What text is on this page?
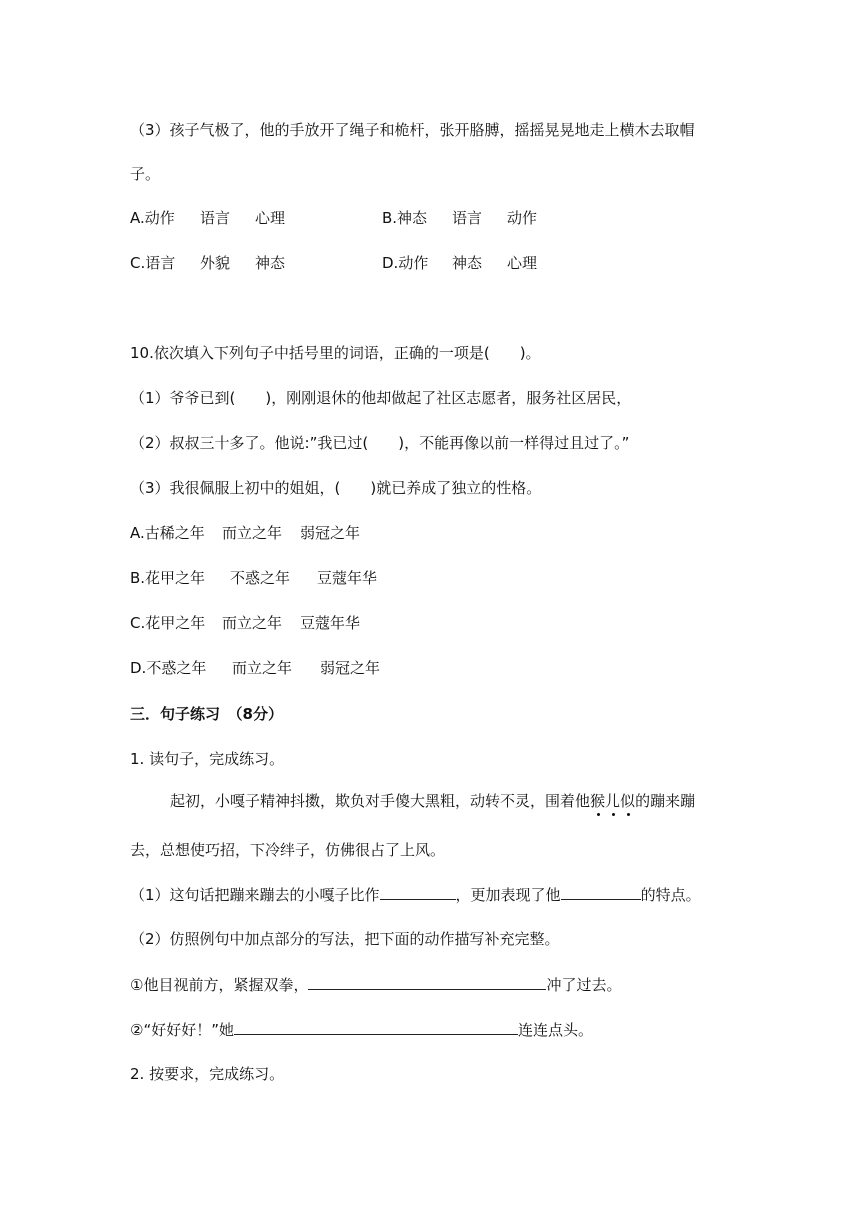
（3）孩子气极了，他的手放开了绳子和桅杆，张开胳膊，摇摇晃晃地走上横木去取帽
子。
A.动作 语言 心理	B.神态 语言 动作
C.语言 外貌 神态	D.动作 神态 心理
10.依次填入下列句子中括号里的词语，正确的一项是(　　)。
（1）爷爷已到(　　)，刚刚退休的他却做起了社区志愿者，服务社区居民，
（2）叔叔三十多了。他说:”我已过(　　)，不能再像以前一样得过且过了。”
（3）我很佩服上初中的姐姐，(　　)就已养成了独立的性格。
A.古稀之年 而立之年 弱冠之年
B.花甲之年 不惑之年 豆蔻年华
C.花甲之年 而立之年 豆蔻年华
D.不惑之年 而立之年 弱冠之年
三．句子练习　（8分）
1. 读句子，完成练习。
起初，小嘎子精神抖擞，欺负对手傻大黑粗，动转不灵，围着他猴儿似的蹦来蹦
去，总想使巧招，下冷绊子，仿佛很占了上风。
（1）这句话把蹦来蹦去的小嘎子比作	，更加表现了他	的特点。
（2）仿照例句中加点部分的写法，把下面的动作描写补充完整。
①他目视前方，紧握双拳，	冲了过去。
②“好好好！”她	连连点头。
2. 按要求，完成练习。
